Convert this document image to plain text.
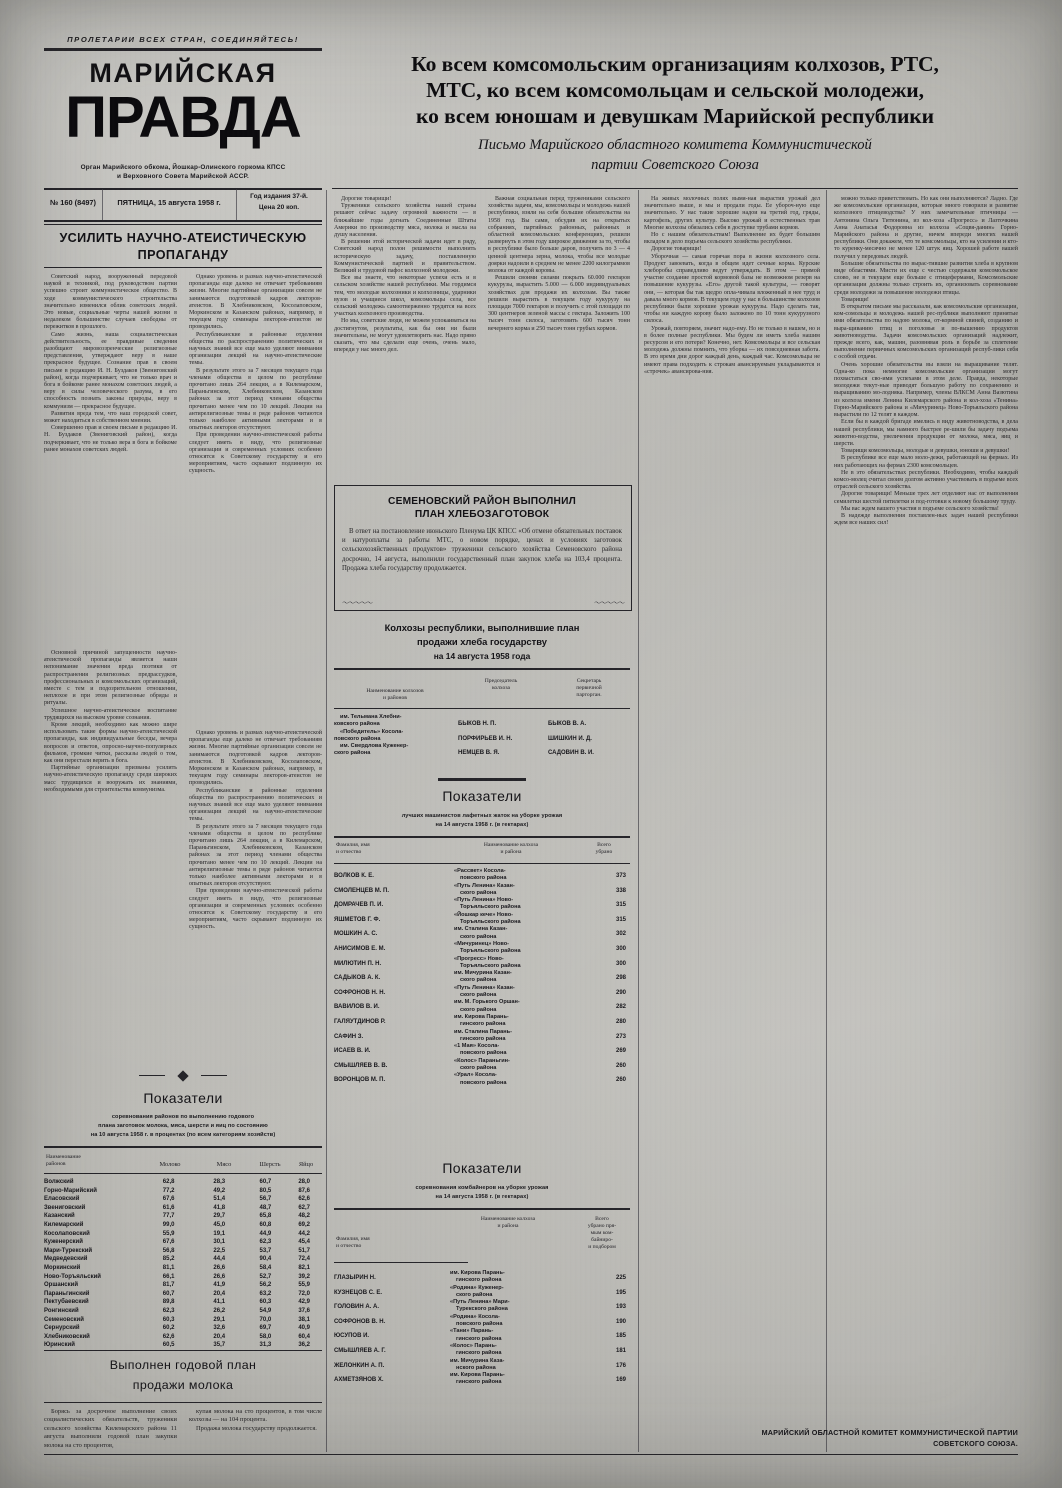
ПРОЛЕТАРИИ ВСЕХ СТРАН, СОЕДИНЯЙТЕСЬ!
МАРИЙСКАЯ
ПРАВДА
Орган Марийского обкома, Йошкар-Олинского горкома КПСС
и Верховного Совета Марийской АССР.
№ 160 (8497)	ПЯТНИЦА, 15 августа 1958 г.
Год издания 37-й.
Цена 20 коп.
Ко всем комсомольским организациям колхозов, РТС,
МТС, ко всем комсомольцам и сельской молодежи,
ко всем юношам и девушкам Марийской республики
Письмо Марийского областного комитета Коммунистической
партии Советского Союза
УСИЛИТЬ НАУЧНО-АТЕИСТИЧЕСКУЮ
ПРОПАГАНДУ

Советский народ, вооруженный передовой наукой и техникой, под руководством партии успешно строит коммунистическое общество. В ходе коммунистического строительства значительно изменился облик советских людей. Это новые, социальные черты нашей жизни в недалеком большинстве случаев свободны от пережитков в прошлого.

Само жизнь, наша социалистическая действительность, ее правдивые сведения разобщают мировоззренческие религиозные представления, утверждают веру в наше прекрасное будущее. Сознание прав в своем письме в редакцию И. Н. Буздаков (Звениговский район), когда подчеркивает, что не только врач и бога в бойкоме ранее монахом советских людей, а веру в силы человеческого разума, в его способность познать законы природы, веру в коммунизм — прекрасное будущее.

Развития вреда тем, что наш городской совет, может находиться в собственном мнении.

Совершенно прав и своем письме в редакцию И. Н. Буздаков (Звениговский район), когда подчеркивает, что не только вера в бога и бойкоме ранее монахов советских людей.

Однако уровень и размах научно-атеистической пропаганды еще далеко не отвечает требованиям жизни. Многие партийные организации совсем не занимаются подготовкой кадров лекторов-атеистов. В Хлебниковском, Косолаповском, Моркинском и Казанском районах, например, в текущем году семинары лекторов-атеистов не проводились.

Республиканские и районные отделения общества по распространению политических и научных знаний все еще мало уделяют внимания организации лекций на научно-атеистические темы.

В результате этого за 7 месяцев текущего года членами общества в целом по республике прочитано лишь 264 лекции, а в Килемарском, Параньгинском, Хлебниковском, Казанском районах за этот период членами общества прочитано менее чем по 10 лекций. Лекции на антирелигиозные темы в ряде районов читаются только наиболее активными лекторами и в опытных лекторов отсутствуют.

При проведении научно-атеистической работы следует иметь в виду, что религиозные организации и современных условиях особенно относятся к Советскому государству и его мероприятиям, часто скрывают подлинную их сущность.

Основной причиной запущенности научно-атеистической пропаганды является наши непонимание значения вреда поэтики от распространения религиозных предрассудков, профессиональных и комсомольских организаций, вместе с тем и подозрительном отношении, неплохое и при этом религиозные обряды и ритуалы.

Успешное научно-атеистическое воспитание трудящихся на высоком уровне сознания.

Кроме лекций, необходимо как можно шире использовать такие формы научно-атеистической пропаганды, как индивидуальные беседы, вечера вопросов и ответов, опросно-научно-популярных фильмов, громкие читки, рассказы людей о том, как они перестали верить в бога.

Партийные организации призваны усилить научно-атеистическую пропаганду среди широких масс трудящихся и вооружать их знаниями, необходимыми для строительства коммунизма.

Однако уровень и размах научно-атеистической пропаганды еще далеко не отвечает требованиям жизни. Многие партийные организации совсем не занимаются подготовкой кадров лекторов-атеистов. В Хлебниковском, Косолаповском, Моркинском и Казанском районах, например, в текущем году семинары лекторов-атеистов не проводились.

Республиканские и районные отделения общества по распространению политических и научных знаний все еще мало уделяют внимания организации лекций на научно-атеистические темы.

В результате этого за 7 месяцев текущего года членами общества в целом по республике прочитано лишь 264 лекции, а в Килемарском, Параньгинском, Хлебниковском, Казанском районах за этот период членами общества прочитано менее чем по 10 лекций. Лекции на антирелигиозные темы в ряде районов читаются только наиболее активными лекторами и в опытных лекторов отсутствуют.

При проведении научно-атеистической работы следует иметь в виду, что религиозные организации и современных условиях особенно относятся к Советскому государству и его мероприятиям, часто скрывают подлинную их сущность.

Показатели
соревнования районов по выполнению годового
плана заготовок молока, мяса, шерсти и яиц по состоянию
на 10 августа 1958 г. в процентах (по всем категориям хозяйств)
Наименование
районов	Молоко	Мясо	Шерсть	Яйцо
Волжский	62,8	28,3	60,7	28,0
Горно-Марийский	77,2	49,2	80,5	87,6
Еласовский	67,6	51,4	56,7	62,6
Звениговский	61,6	41,8	48,7	62,7
Казанский	77,7	29,7	65,8	48,2
Килемарский	99,0	45,0	60,8	69,2
Косолаповский	55,9	19,1	44,9	44,2
Куженерский	67,6	30,1	62,3	45,4
Мари-Турекский	56,8	22,5	53,7	51,7
Медведевский	85,2	44,4	90,4	72,4
Моркинский	81,1	26,6	58,4	82,1
Ново-Торъяльский	66,1	26,6	52,7	39,2
Оршанский	81,7	41,9	56,2	55,9
Параньгинский	60,7	20,4	63,2	72,0
Пектубаевский	89,8	41,1	60,3	42,9
Ронгинский	62,3	26,2	54,9	37,6
Семеновский	60,3	29,1	70,0	38,1
Сернурский	60,2	32,6	69,7	40,9
Хлебниковский	62,6	20,4	58,0	60,4
Юринский	60,5	35,7	31,3	36,2
Выполнен годовой план
продажи молока

Борясь за досрочное выполнение своих социалистических обязательств, труженики сельского хозяйства Килемарского района 11 августа выполнили годовой план закупки молока на сто процентов,

купая молока на сто процентов, в том числе колхозы — на 104 процента.

Продажа молока государству продолжается.

Дорогие товарищи!

Труженики сельского хозяйства нашей страны решают сейчас задачу огромной важности — в ближайшие годы догнать Соединенные Штаты Америки по производству мяса, молока и масла на душу населения.

В решении этой исторической задачи идет в ряду, Советский народ полон решимости выполнить историческую задачу, поставленную Коммунистической партией и правительством. Великий и трудовой пафос колхозной молодежи.

Все вы знаете, что некоторые успехи есть и в сельском хозяйстве нашей республики. Мы гордимся тем, что молодые колхозники и колхозницы, ударники вузов и учащиеся школ, комсомольцы села, все сельский молодежь самоотверженно трудятся на всех участках колхозного производства.

Но мы, советские люди, не можем успокаиваться на достигнутом, результаты, как бы они ни были значительны, не могут удовлетворить нас. Надо прямо сказать, что мы сделали еще очень, очень мало, впереди у нас много дел.

Важная социальная перед тружениками сельского хозяйства задачи, мы, комсомольцы и молодежь нашей республики, взяли на себя большие обязательства на 1958 год. Вы сами, обсудив их на открытых собраниях, партийных районных, районных и областной комсомольских конференциях, решили развернуть в этом году широкое движение за то, чтобы в республике было больше даров, получить по 3 — 4 ценной центнера зерна, молока, чтобы все молодые доярки надоили в среднем не менее 2200 килограммов молока от каждой коровы.

Решили своими силами покрыть 60.000 гектаров кукурузы, вырастить 5.000 — 6.000 индивидуальных хозяйствах для продажи их колхозам. Вы также решили вырастить в текущем году кукурузу на площади 7000 гектаров и получить с этой площади по 300 центнеров зеленой массы с гектара. Заложить 100 тысяч тонн силоса, заготовить 600 тысяч тонн вечернего корма и 250 тысяч тонн грубых кормов.

СЕМЕНОВСКИЙ РАЙОН ВЫПОЛНИЛ
ПЛАН ХЛЕБОЗАГОТОВОК

В ответ на постановление июньского Пленума ЦК КПСС «Об отмене обязательных поставок и натуроплаты за работы МТС, о новом порядке, ценах и условиях заготовок сельскохозяйственных продуктов» труженики сельского хозяйства Семеновского района досрочно, 14 августа, выполнили государственный план закупок хлеба на 103,4 процента. Продажа хлеба государству продолжается.

〜〜〜〜〜	〜〜〜〜〜
Колхозы республики, выполнившие план
продажи хлеба государству
на 14 августа 1958 года
Наименование колхозов
и районов
Председатель
колхоза
Секретарь
первичной
парторган.
им. Тельмана Хлебни-
ковского района	БЫКОВ Н. П.	БЫКОВ В. А.

«Победитель» Косола-
повского района	ПОРФИРЬЕВ И. Н.	ШИШКИН И. Д.

им. Свердлова Куженер-
ского района	НЕМЦЕВ В. Я.	САДОВИН В. И.
Показатели
лучших машинистов лафетных жаток на уборке урожая
на 14 августа 1958 г. (в гектарах)
Фамилия, имя
и отчество
Наименование колхоза
и района
Всего
убрано
ВОЛКОВ К. Е.	«Рассвет» Косола-
повского района	373
СМОЛЕНЦЕВ М. П.	«Путь Ленина» Казан-
ского района	338
ДОМРАЧЕВ П. И.	«Путь Ленина» Ново-
Торъяльского района	315
ЯШМЕТОВ Г. Ф.	«Йошкар кече» Ново-
Торъяльского района	315
МОШКИН А. С.	им. Сталина Казан-
ского района	302
АНИСИМОВ Е. М.	«Мичуринец» Ново-
Торъяльского района	300
МИЛЮТИН П. Н.	«Прогресс» Ново-
Торъяльского района	300
САДЫКОВ А. К.	им. Мичурина Казан-
ского района	298
СОФРОНОВ Н. Н.	«Путь Ленина» Казан-
ского района	290
ВАВИЛОВ В. И.	им. М. Горького Оршан-
ского района	282
ГАЛЯУТДИНОВ Р.	им. Кирова Парань-
гинского района	280
САФИН З.	им. Сталина Парань-
гинского района	273
ИСАЕВ В. И.	«1 Мая» Косола-
повского района	269
СМЫШЛЯЕВ В. В.	«Колос» Параньгин-
ского района	260
ВОРОНЦОВ М. П.	«Урал» Косола-
повского района	260
Показатели
соревнования комбайнеров на уборке урожая
на 14 августа 1958 г. (в гектарах)
Фамилия, имя
и отчество
Наименование колхоза
и района
Всего
убрано пря-
мым ком-
байниро-
и подбором
ГЛАЗЫРИН Н.	им. Кирова Парань-
гинского района	225
КУЗНЕЦОВ С. Е.	«Родина» Куженер-
ского района	195
ГОЛОВИН А. А.	«Путь Ленина» Мари-
Турекского района	193
СОФРОНОВ В. Н.	«Родина» Косола-
повского района	190
ЮСУПОВ И.	«Тани» Парань-
гинского района	185
СМЫШЛЯЕВ А. Г.	«Колос» Парань-
гинского района	181
ЖЕЛОНКИН А. П.	им. Мичурина Каза-
нского района	176
АХМЕТЗЯНОВ Х.	им. Кирова Парань-
гинского района	169

На живых молочных полях вымя-ная вырастив урожай дел значительно выше, и мы и продали годы. Ее убороч-ную еще значительно. У нас такие хорошие надои на третий год, гряды, картофель, других культур. Высоко урожай и естественных трав Многие колхозы обязались себя в доступке трубами кормов.

Но с нашим обязательствам! Выполнение их будет большим вкладом в дело подъема сельского хозяйства республики.

Дорогие товарищи!

Уборочная — самая горячая пора в жизни колхозного села. Продукт завоевать, когда в общем идет сечные корма. Курские хлеборобы справедливо ведут утверждать. В этом — прямой участие создание простой кормовой базы не возможном резерв на повышение кукурузы. «Его» другой такой культуры, — говорят они, — которая бы так щедро опла-чивала вложенный в нее труд и давала много кормов. В текущем году у нас в большинстве колхозов республики были хорошие урожаи кукурузы. Надо сделать так, чтобы ни каждую корову было заложено по 10 тонн кукурузного силоса.

Урожай, повторяем, значит надо-ему. Но не только в нашем, но и в более полные республики. Мы будем ли иметь хлеба нашим ресурсом и его потери? Конечно, нет. Комсомольцы и все сельская молодежь должны помнить, что уборка — их повседневная забота. В это время дни дорог каждый день, каждый час. Комсомольцы не имеют права подходить к строкам авансируемым укладываются и «строчек» авансирова-ния.

можно только приветствовать. Но как они выполняются? Ладно. Где же комсомольские организации, которые много говорили и развитие колхозного птицеводства? У них замечательные птичницы — Антонина Ольга Титюнина, из кол-хоза «Прогресс» и Лазточкина Анна Анатасья Фодоровна из колхоза «Соцвя-данин» Горно-Марийского района и другие, ничем впереди многих нашей республики. Они докажем, что те комсомольцы, кто на усилении и кто-то куренку-месячно не менее 120 штук яиц. Хорошей работе вашей получил у передовых людей.

Большие обязательства по вырас-тившие развития хлеба в крупном виде областями. Мисти их еще с честью содержали комсомольское слово, не в текущем еще больше с птицефермами, Комсомольские организации должны только строить их, организовать соревнование среди молодежи за повышение молодежи птицы.

Товарищи!

В открытом письме мы рассказали, как комсомольские организации, ком-сомольцы и молодежь нашей рес-публики выполняют принятые ими обязательства по надою молока, от-кормной свиней, созданию и выра-щиванию птиц и поголовья и по-вышению продуктов животноводства. Задачи комсомольских организаций надлежит, прежде всего, как, машин, разовнявая роль в борьбе за сплетение выполнение первичных комсомольских организаций респуб-лики себя с особой отдачи.

Очень хорошие обязательства вы взяли на выращивание телят. Одна-ко пока немногие комсомольские организации могут похвастаться сво-ими успехами в этом деле. Правда, некоторые молодежи текут-ные приводят большую работу по сохранению и выращиванию мо-лодняка. Например, члены ВЛКСМ Анна Вазютина из колхоза имени Ленина Килемарского района и кол-хоза «Тенина» Горно-Марийского района и «Мичуринец» Ново-Торъяльского района вырастили по 12 телят в каждом.

Если бы в каждой бригаде имелись в виду животноводства, в дела нашей республики, мы намного быстрее ре-шили бы задачу подъема животно-водства, увеличения продукции от молока, мяса, яиц и шерсти.

Товарищи комсомольцы, молодые и девушки, юноши и девушки!

В республике все еще мало моло-дежи, работающей на фермах. Из них работающих на фермах 2300 комсомольцев.

Не в это обязательствах республики. Необходимо, чтобы каждый комсо-молец считал своим долгом активно участвовать в подъеме всех отраслей сельского хозяйства.

Дорогие товарищи! Меньше трех лет отделяют нас от выполнения семилетки шестой пятилетки и под-готовки к новому большому труду.

Мы вас ждем вашего участия в подъеме сельского хозяйства!

В надежде выполнения поставлен-ных задач нашей республики ждем все наших сил!

МАРИЙСКИЙ ОБЛАСТНОЙ КОМИТЕТ КОММУНИСТИЧЕСКОЙ ПАРТИИ
СОВЕТСКОГО СОЮЗА.
